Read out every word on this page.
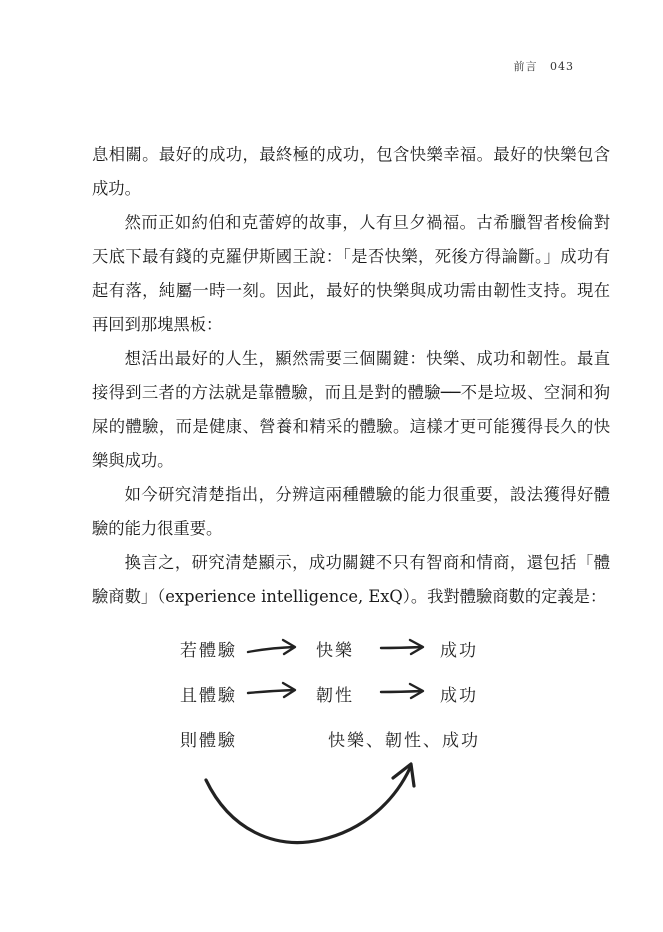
前言 043

息相關。最好的成功，最終極的成功，包含快樂幸福。最好的快樂包含成功。

然而正如約伯和克蕾婷的故事，人有旦夕禍福。古希臘智者梭倫對天底下最有錢的克羅伊斯國王說：「是否快樂，死後方得論斷。」成功有起有落，純屬一時一刻。因此，最好的快樂與成功需由韌性支持。現在再回到那塊黑板：

想活出最好的人生，顯然需要三個關鍵：快樂、成功和韌性。最直接得到三者的方法就是靠體驗，而且是對的體驗──不是垃圾、空洞和狗屎的體驗，而是健康、營養和精采的體驗。這樣才更可能獲得長久的快樂與成功。

如今研究清楚指出，分辨這兩種體驗的能力很重要，設法獲得好體驗的能力很重要。

換言之，研究清楚顯示，成功關鍵不只有智商和情商，還包括「體驗商數」（experience intelligence, ExQ）。我對體驗商數的定義是：

若體驗	快樂	成功
且體驗	韌性	成功
則體驗	快樂、韌性、成功
